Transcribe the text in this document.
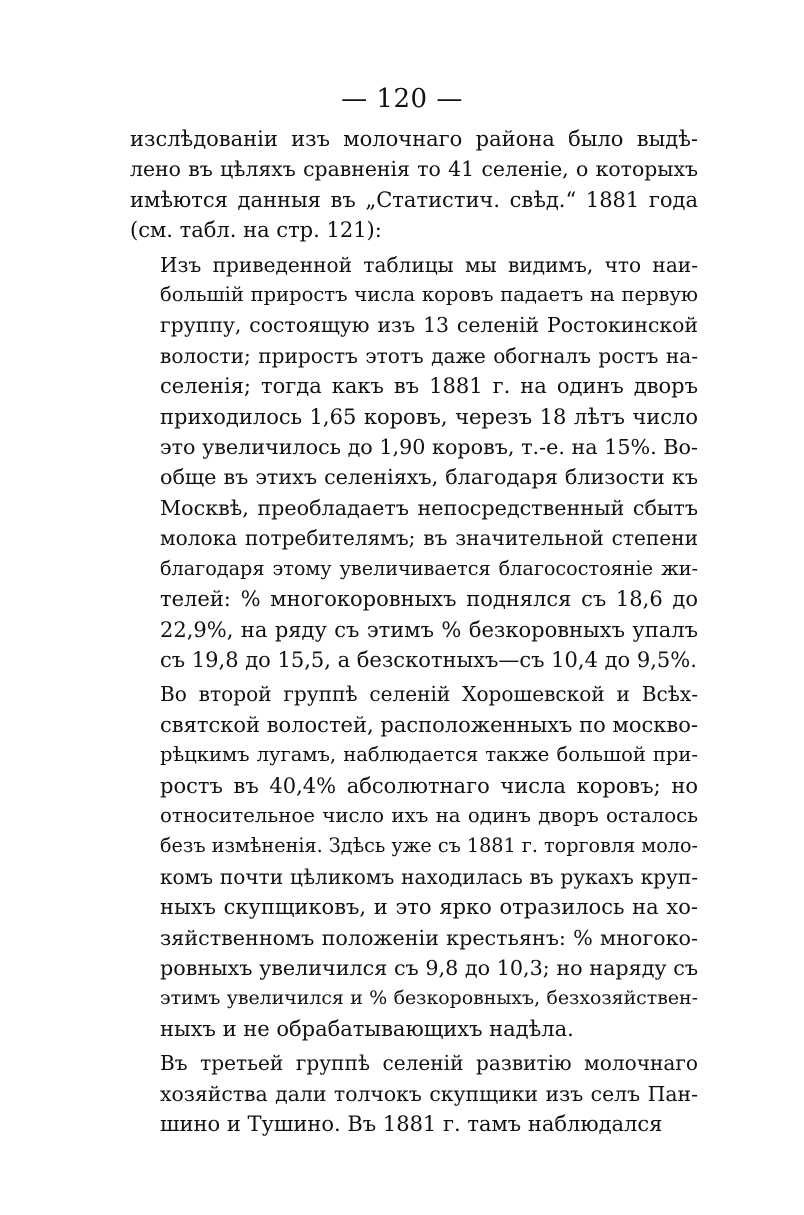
— 120 —

изслѣдованiи изъ молочнаго района было выдѣ-
лено въ цѣляхъ сравненiя то 41 селенiе, о которыхъ
имѣются данныя въ „Статистич. свѣд.“ 1881 года
(см. табл. на стр. 121):

Изъ приведенной таблицы мы видимъ, что наи-
большiй приростъ числа коровъ падаетъ на первую
группу, состоящую изъ 13 селенiй Ростокинской
волости; приростъ этотъ даже обогналъ ростъ на-
селенiя; тогда какъ въ 1881 г. на одинъ дворъ
приходилось 1,65 коровъ, черезъ 18 лѣтъ число
это увеличилось до 1,90 коровъ, т.-е. на 15%. Во-
обще въ этихъ селенiяхъ, благодаря близости къ
Москвѣ, преобладаетъ непосредственный сбытъ
молока потребителямъ; въ значительной степени
благодаря этому увеличивается благосостоянiе жи-
телей: % многокоровныхъ поднялся съ 18,6 до
22,9%, на ряду съ этимъ % безкоровныхъ упалъ
съ 19,8 до 15,5, а безскотныхъ—съ 10,4 до 9,5%.

Во второй группѣ селенiй Хорошевской и Всѣх-
святской волостей, расположенныхъ по москво-
рѣцкимъ лугамъ, наблюдается также большой при-
ростъ въ 40,4% абсолютнаго числа коровъ; но
относительное число ихъ на одинъ дворъ осталось
безъ измѣненiя. Здѣсь уже съ 1881 г. торговля моло-
комъ почти цѣликомъ находилась въ рукахъ круп-
ныхъ скупщиковъ, и это ярко отразилось на хо-
зяйственномъ положенiи крестьянъ: % многоко-
ровныхъ увеличился съ 9,8 до 10,3; но наряду съ
этимъ увеличился и % безкоровныхъ, безхозяйствен-
ныхъ и не обрабатывающихъ надѣла.

Въ третьей группѣ селенiй развитiю молочнаго
хозяйства дали толчокъ скупщики изъ селъ Пан-
шино и Тушино. Въ 1881 г. тамъ наблюдался
